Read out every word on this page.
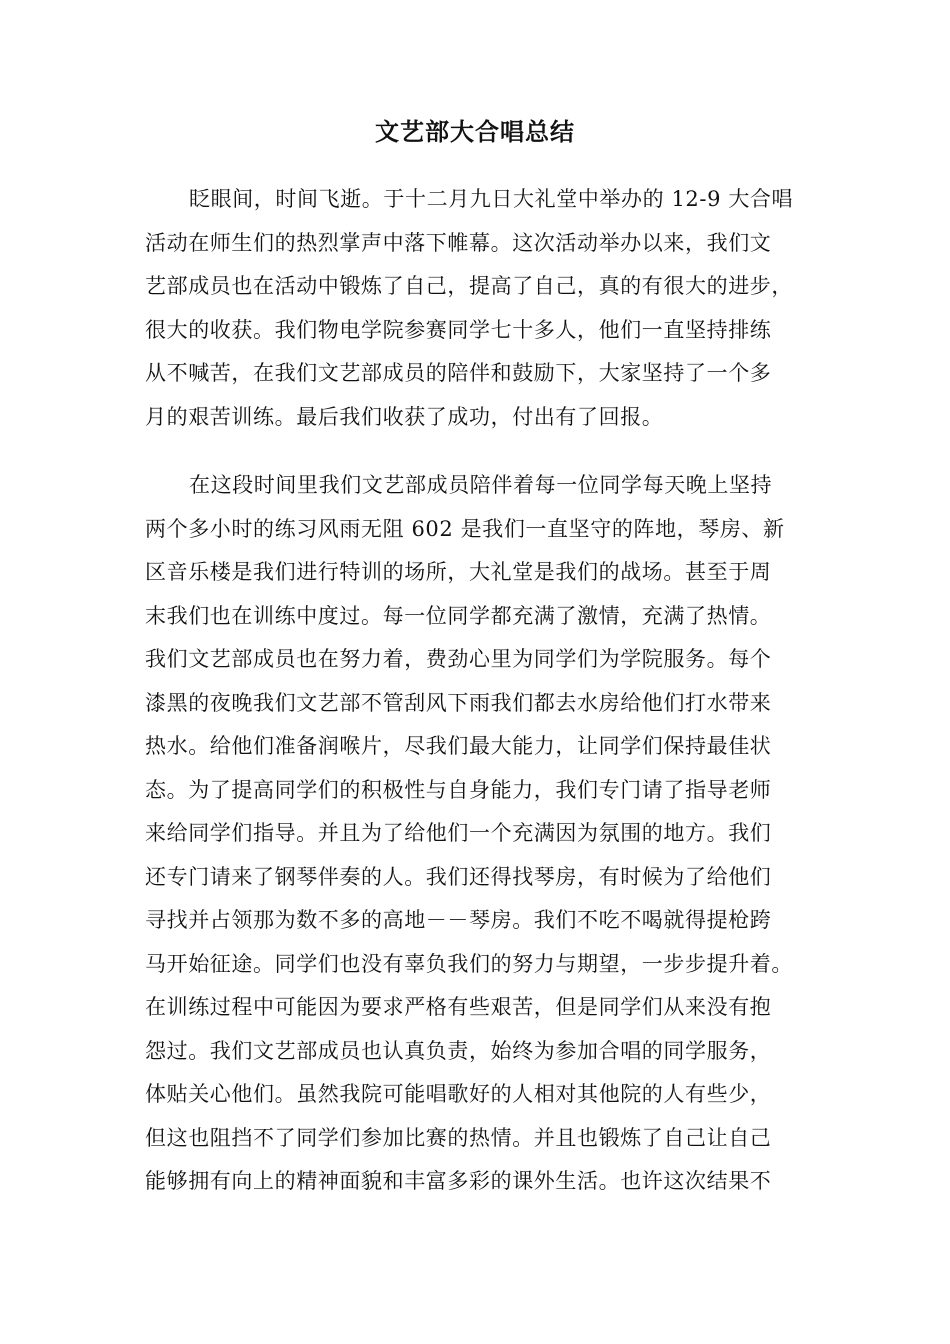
文艺部大合唱总结
眨眼间，时间飞逝。于十二月九日大礼堂中举办的 12-9 大合唱
活动在师生们的热烈掌声中落下帷幕。这次活动举办以来，我们文
艺部成员也在活动中锻炼了自己，提高了自己，真的有很大的进步，
很大的收获。我们物电学院参赛同学七十多人，他们一直坚持排练
从不喊苦，在我们文艺部成员的陪伴和鼓励下，大家坚持了一个多
月的艰苦训练。最后我们收获了成功，付出有了回报。
在这段时间里我们文艺部成员陪伴着每一位同学每天晚上坚持
两个多小时的练习风雨无阻 602 是我们一直坚守的阵地，琴房、新
区音乐楼是我们进行特训的场所，大礼堂是我们的战场。甚至于周
末我们也在训练中度过。每一位同学都充满了激情，充满了热情。
我们文艺部成员也在努力着，费劲心里为同学们为学院服务。每个
漆黑的夜晚我们文艺部不管刮风下雨我们都去水房给他们打水带来
热水。给他们准备润喉片，尽我们最大能力，让同学们保持最佳状
态。为了提高同学们的积极性与自身能力，我们专门请了指导老师
来给同学们指导。并且为了给他们一个充满因为氛围的地方。我们
还专门请来了钢琴伴奏的人。我们还得找琴房，有时候为了给他们
寻找并占领那为数不多的高地－－琴房。我们不吃不喝就得提枪跨
马开始征途。同学们也没有辜负我们的努力与期望，一步步提升着。
在训练过程中可能因为要求严格有些艰苦，但是同学们从来没有抱
怨过。我们文艺部成员也认真负责，始终为参加合唱的同学服务，
体贴关心他们。虽然我院可能唱歌好的人相对其他院的人有些少，
但这也阻挡不了同学们参加比赛的热情。并且也锻炼了自己让自己
能够拥有向上的精神面貌和丰富多彩的课外生活。也许这次结果不
